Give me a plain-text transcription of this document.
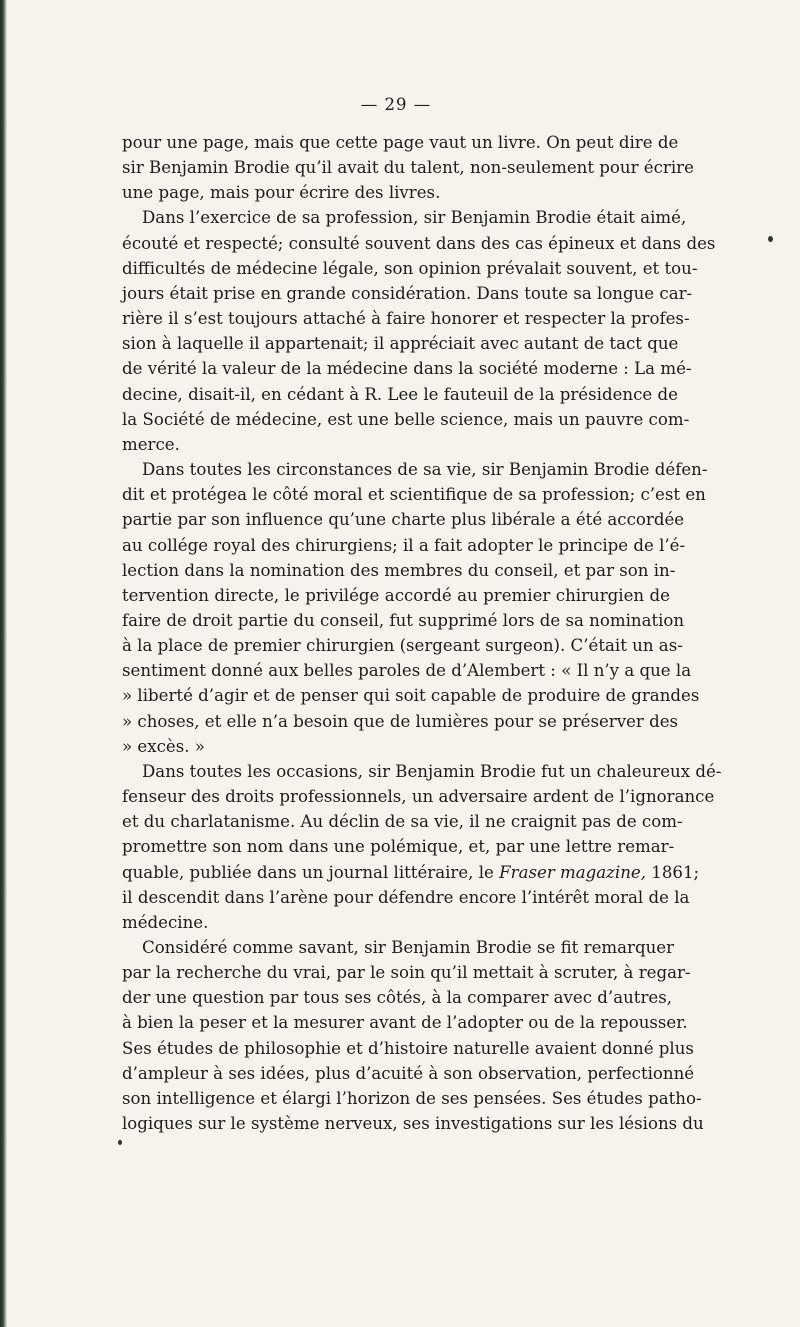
— 29 —

pour une page, mais que cette page vaut un livre. On peut dire de
sir Benjamin Brodie qu’il avait du talent, non-seulement pour écrire
une page, mais pour écrire des livres.

Dans l’exercice de sa profession, sir Benjamin Brodie était aimé,
écouté et respecté; consulté souvent dans des cas épineux et dans des
difficultés de médecine légale, son opinion prévalait souvent, et tou-
jours était prise en grande considération. Dans toute sa longue car-
rière il s’est toujours attaché à faire honorer et respecter la profes-
sion à laquelle il appartenait; il appréciait avec autant de tact que
de vérité la valeur de la médecine dans la société moderne : La mé-
decine, disait-il, en cédant à R. Lee le fauteuil de la présidence de
la Société de médecine, est une belle science, mais un pauvre com-
merce.

Dans toutes les circonstances de sa vie, sir Benjamin Brodie défen-
dit et protégea le côté moral et scientifique de sa profession; c’est en
partie par son influence qu’une charte plus libérale a été accordée
au collége royal des chirurgiens; il a fait adopter le principe de l’é-
lection dans la nomination des membres du conseil, et par son in-
tervention directe, le privilége accordé au premier chirurgien de
faire de droit partie du conseil, fut supprimé lors de sa nomination
à la place de premier chirurgien (sergeant surgeon). C’était un as-
sentiment donné aux belles paroles de d’Alembert : « Il n’y a que la
» liberté d’agir et de penser qui soit capable de produire de grandes
» choses, et elle n’a besoin que de lumières pour se préserver des
» excès. »

Dans toutes les occasions, sir Benjamin Brodie fut un chaleureux dé-
fenseur des droits professionnels, un adversaire ardent de l’ignorance
et du charlatanisme. Au déclin de sa vie, il ne craignit pas de com-
promettre son nom dans une polémique, et, par une lettre remar-
quable, publiée dans un journal littéraire, le Fraser magazine, 1861;
il descendit dans l’arène pour défendre encore l’intérêt moral de la
médecine.

Considéré comme savant, sir Benjamin Brodie se fit remarquer
par la recherche du vrai, par le soin qu’il mettait à scruter, à regar-
der une question par tous ses côtés, à la comparer avec d’autres,
à bien la peser et la mesurer avant de l’adopter ou de la repousser.
Ses études de philosophie et d’histoire naturelle avaient donné plus
d’ampleur à ses idées, plus d’acuité à son observation, perfectionné
son intelligence et élargi l’horizon de ses pensées. Ses études patho-
logiques sur le système nerveux, ses investigations sur les lésions du
